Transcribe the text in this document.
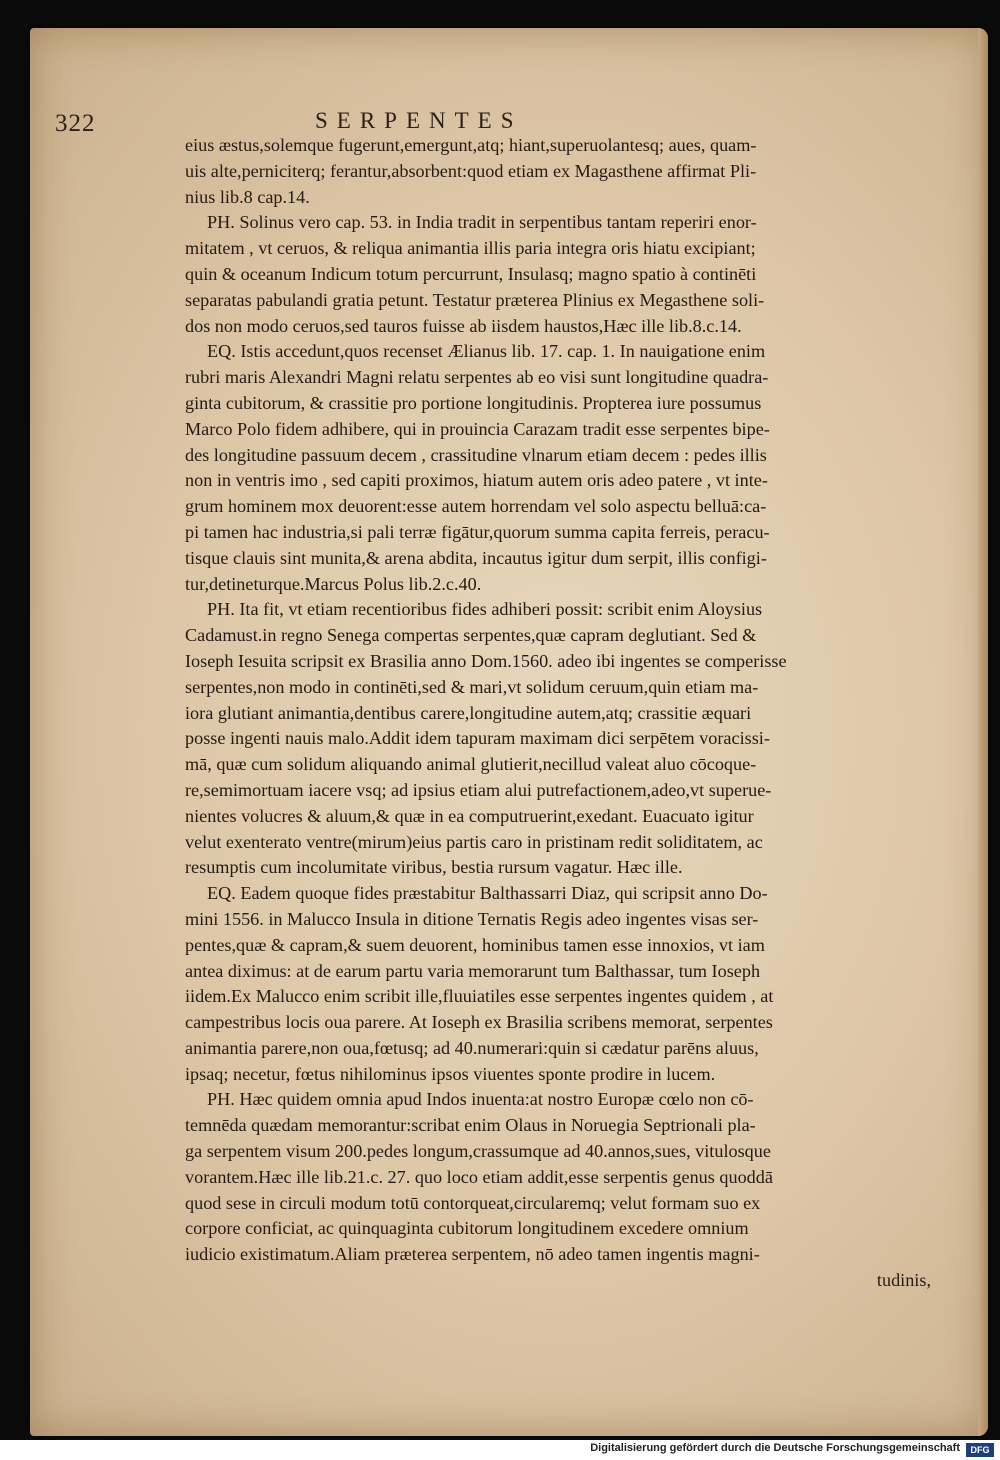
322	SERPENTES
eius æstus,solemque fugerunt,emergunt,atq; hiant,superuolantesq; aues, quam-
uis alte,perniciterq; ferantur,absorbent:quod etiam ex Magasthene affirmat Pli-
nius lib.8 cap.14.
PH. Solinus vero cap. 53. in India tradit in serpentibus tantam reperiri enor-
mitatem , vt ceruos, & reliqua animantia illis paria integra oris hiatu excipiant;
quin & oceanum Indicum totum percurrunt, Insulasq; magno spatio à continēti
separatas pabulandi gratia petunt. Testatur præterea Plinius ex Megasthene soli-
dos non modo ceruos,sed tauros fuisse ab iisdem haustos,Hæc ille lib.8.c.14.
EQ. Istis accedunt,quos recenset Ælianus lib. 17. cap. 1. In nauigatione enim
rubri maris Alexandri Magni relatu serpentes ab eo visi sunt longitudine quadra-
ginta cubitorum, & crassitie pro portione longitudinis. Propterea iure possumus
Marco Polo fidem adhibere, qui in prouincia Carazam tradit esse serpentes bipe-
des longitudine passuum decem , crassitudine vlnarum etiam decem : pedes illis
non in ventris imo , sed capiti proximos, hiatum autem oris adeo patere , vt inte-
grum hominem mox deuorent:esse autem horrendam vel solo aspectu belluā:ca-
pi tamen hac industria,si pali terræ figātur,quorum summa capita ferreis, peracu-
tisque clauis sint munita,& arena abdita, incautus igitur dum serpit, illis configi-
tur,detineturque.Marcus Polus lib.2.c.40.
PH. Ita fit, vt etiam recentioribus fides adhiberi possit: scribit enim Aloysius
Cadamust.in regno Senega compertas serpentes,quæ capram deglutiant. Sed &
Ioseph Iesuita scripsit ex Brasilia anno Dom.1560. adeo ibi ingentes se comperisse
serpentes,non modo in continēti,sed & mari,vt solidum ceruum,quin etiam ma-
iora glutiant animantia,dentibus carere,longitudine autem,atq; crassitie æquari
posse ingenti nauis malo.Addit idem tapuram maximam dici serpētem voracissi-
mā, quæ cum solidum aliquando animal glutierit,necillud valeat aluo cōcoque-
re,semimortuam iacere vsq; ad ipsius etiam alui putrefactionem,adeo,vt superue-
nientes volucres & aluum,& quæ in ea computruerint,exedant. Euacuato igitur
velut exenterato ventre(mirum)eius partis caro in pristinam redit soliditatem, ac
resumptis cum incolumitate viribus, bestia rursum vagatur. Hæc ille.
EQ. Eadem quoque fides præstabitur Balthassarri Diaz, qui scripsit anno Do-
mini 1556. in Malucco Insula in ditione Ternatis Regis adeo ingentes visas ser-
pentes,quæ & capram,& suem deuorent, hominibus tamen esse innoxios, vt iam
antea diximus: at de earum partu varia memorarunt tum Balthassar, tum Ioseph
iidem.Ex Malucco enim scribit ille,fluuiatiles esse serpentes ingentes quidem , at
campestribus locis oua parere. At Ioseph ex Brasilia scribens memorat, serpentes
animantia parere,non oua,fœtusq; ad 40.numerari:quin si cædatur parēns aluus,
ipsaq; necetur, fœtus nihilominus ipsos viuentes sponte prodire in lucem.
PH. Hæc quidem omnia apud Indos inuenta:at nostro Europæ cœlo non cō-
temnēda quædam memorantur:scribat enim Olaus in Noruegia Septrionali pla-
ga serpentem visum 200.pedes longum,crassumque ad 40.annos,sues, vitulosque
vorantem.Hæc ille lib.21.c. 27. quo loco etiam addit,esse serpentis genus quoddā
quod sese in circuli modum totū contorqueat,circularemq; velut formam suo ex
corpore conficiat, ac quinquaginta cubitorum longitudinem excedere omnium
iudicio existimatum.Aliam præterea serpentem, nō adeo tamen ingentis magni-
tudinis,
Digitalisierung gefördert durch die Deutsche Forschungsgemeinschaft	DFG
